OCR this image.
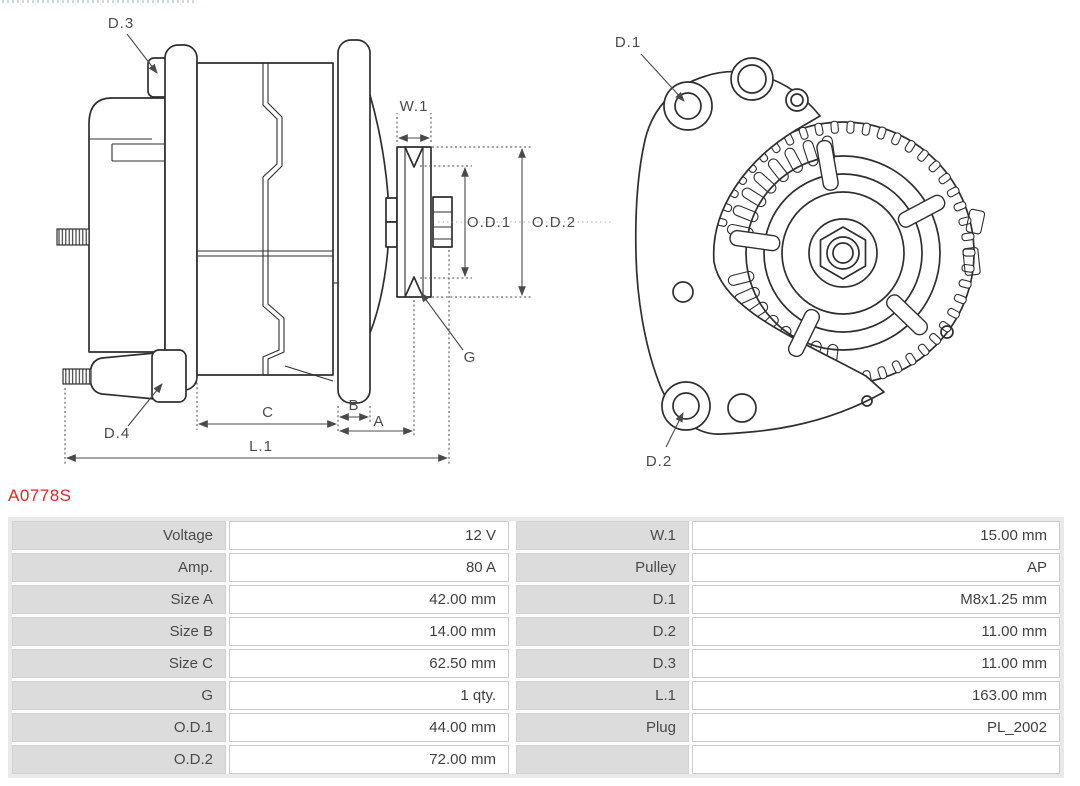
D.3
W.1
O.D.1 O.D.2
G
D.4
C	B
A
L.1
D.1
D.2
A0778S
Voltage	12 V	W.1	15.00 mm
Amp.	80 A	Pulley	AP
Size A	42.00 mm	D.1	M8x1.25 mm
Size B	14.00 mm	D.2	11.00 mm
Size C	62.50 mm	D.3	11.00 mm
G	1 qty.	L.1	163.00 mm
O.D.1	44.00 mm	Plug	PL_2002
O.D.2	72.00 mm
